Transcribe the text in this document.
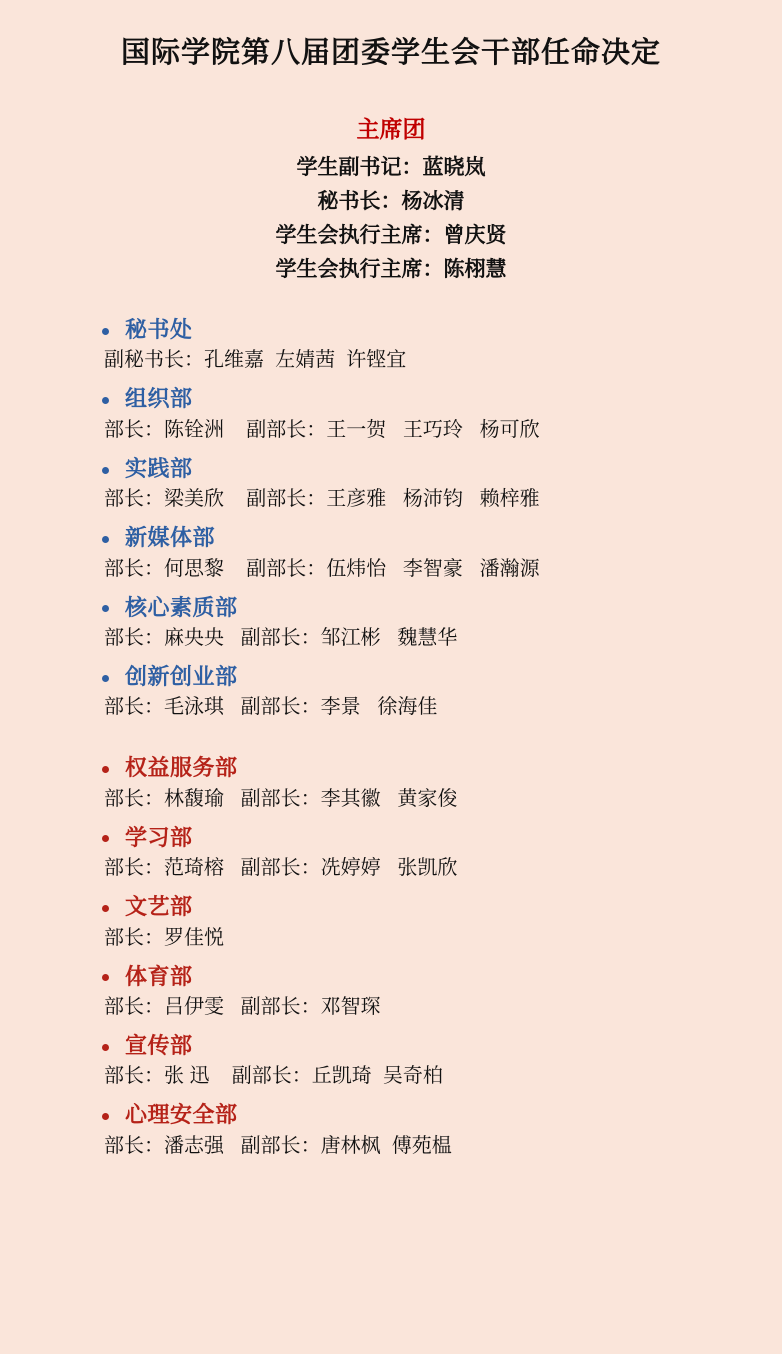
国际学院第八届团委学生会干部任命决定
主席团
学生副书记：蓝晓岚
秘书长：杨冰清
学生会执行主席：曾庆贤
学生会执行主席：陈栩慧
秘书处
副秘书长：孔维嘉  左婧茜  许铿宜
组织部
部长：陈铨洲    副部长：王一贺   王巧玲   杨可欣
实践部
部长：梁美欣    副部长：王彦雅   杨沛钧   赖梓雅
新媒体部
部长：何思黎    副部长：伍炜怡   李智豪   潘瀚源
核心素质部
部长：麻央央   副部长：邹江彬   魏慧华
创新创业部
部长：毛泳琪   副部长：李景   徐海佳
权益服务部
部长：林馥瑜   副部长：李其徽   黄家俊
学习部
部长：范琦榕   副部长：冼婷婷   张凯欣
文艺部
部长：罗佳悦
体育部
部长：吕伊雯   副部长：邓智琛
宣传部
部长：张 迅    副部长：丘凯琦  吴奇柏
心理安全部
部长：潘志强   副部长：唐林枫  傅苑榅
